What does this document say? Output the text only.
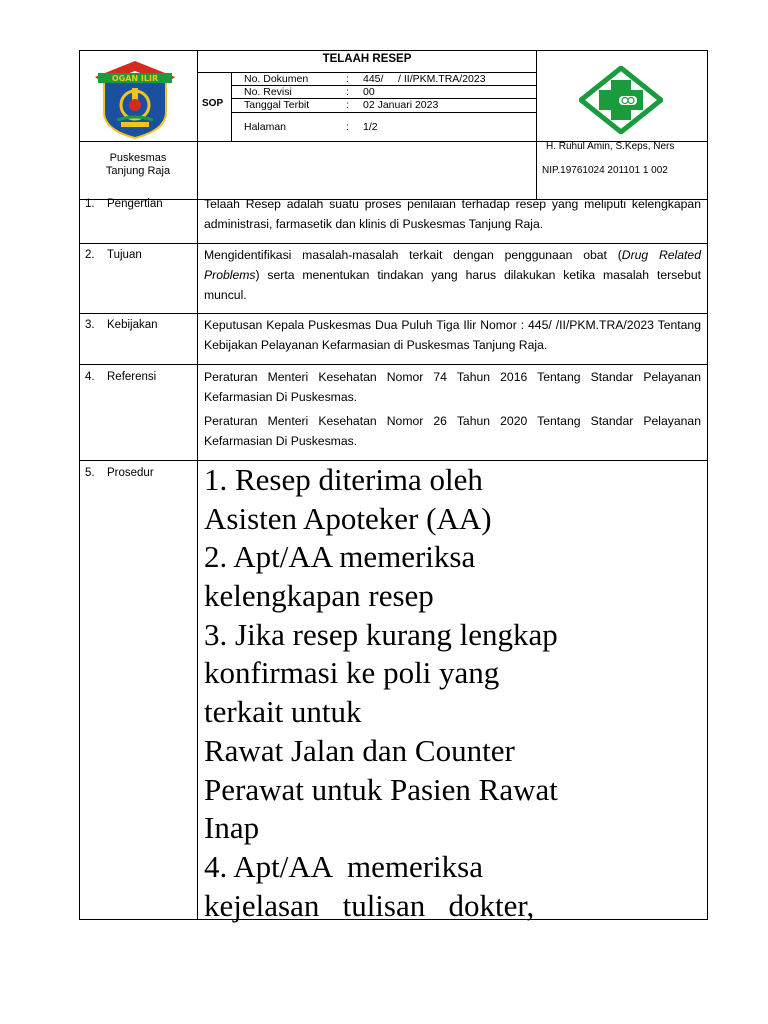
OGAN ILIR
TELAAH RESEP
SOP
No. Dokumen	: 445/     / II/PKM.TRA/2023
No. Revisi	: 00
Tanggal Terbit	: 02 Januari 2023
Halaman	: 1/2
Puskesmas
Tanjung Raja
H. Ruhul Amin, S.Keps, Ners
NIP.19761024 201101 1 002
1. Pengertian	Telaah Resep adalah suatu proses penilaian terhadap resep yang meliputi kelengkapan administrasi, farmasetik dan klinis di Puskesmas Tanjung Raja.
2. Tujuan	Mengidentifikasi masalah-masalah terkait dengan penggunaan obat (Drug Related Problems) serta menentukan tindakan yang harus dilakukan ketika masalah tersebut muncul.
3. Kebijakan	Keputusan Kepala Puskesmas Dua Puluh Tiga Ilir Nomor : 445/ /II/PKM.TRA/2023 Tentang Kebijakan Pelayanan Kefarmasian di Puskesmas Tanjung Raja.
4. Referensi	Peraturan Menteri Kesehatan Nomor 74 Tahun 2016 Tentang Standar Pelayanan Kefarmasian Di Puskesmas.
Peraturan Menteri Kesehatan Nomor 26 Tahun 2020 Tentang Standar Pelayanan Kefarmasian Di Puskesmas.
5. Prosedur 1. Resep diterima oleh
Asisten Apoteker (AA)
2. Apt/AA memeriksa
kelengkapan resep
3. Jika resep kurang lengkap
konfirmasi ke poli yang
terkait untuk
Rawat Jalan dan Counter
Perawat untuk Pasien Rawat
Inap
4. Apt/AA  memeriksa
kejelasan   tulisan   dokter,
